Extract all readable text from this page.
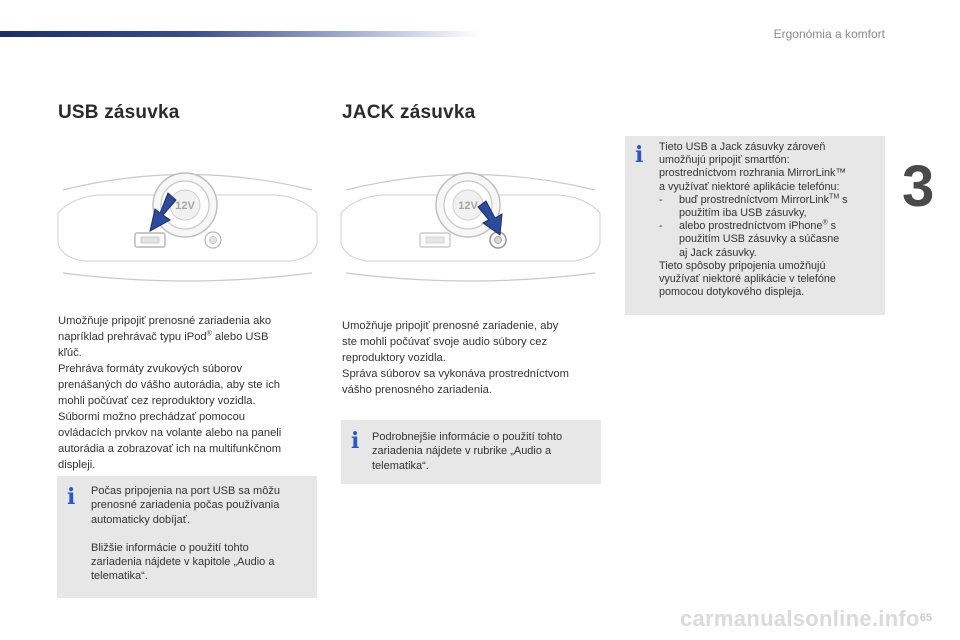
Ergonómia a komfort
3
USB zásuvka
12V

Umožňuje pripojiť prenosné zariadenia ako

napríklad prehrávač typu iPod® alebo USB

kľúč.

Prehráva formáty zvukových súborov

prenášaných do vášho autorádia, aby ste ich

mohli počúvať cez reproduktory vozidla.

Súbormi možno prechádzať pomocou

ovládacích prvkov na volante alebo na paneli

autorádia a zobrazovať ich na multifunkčnom

displeji.

i Počas pripojenia na port USB sa môžu

prenosné zariadenia počas používania

automaticky dobíjať.

Bližšie informácie o použití tohto

zariadenia nájdete v kapitole „Audio a

telematika“.

JACK zásuvka
12V

Umožňuje pripojiť prenosné zariadenie, aby

ste mohli počúvať svoje audio súbory cez

reproduktory vozidla.

Správa súborov sa vykonáva prostredníctvom

vášho prenosného zariadenia.

i Podrobnejšie informácie o použití tohto

zariadenia nájdete v rubrike „Audio a

telematika“.

i Tieto USB a Jack zásuvky zároveň

umožňujú pripojiť smartfón:

prostredníctvom rozhrania MirrorLink™

a využívať niektoré aplikácie telefónu:

-	buď prostredníctvom MirrorLink™ s

použitím iba USB zásuvky,

-	alebo prostredníctvom iPhone® s

použitím USB zásuvky a súčasne

aj Jack zásuvky.

Tieto spôsoby pripojenia umožňujú

využívať niektoré aplikácie v telefóne

pomocou dotykového displeja.

carmanualsonline.info 65
